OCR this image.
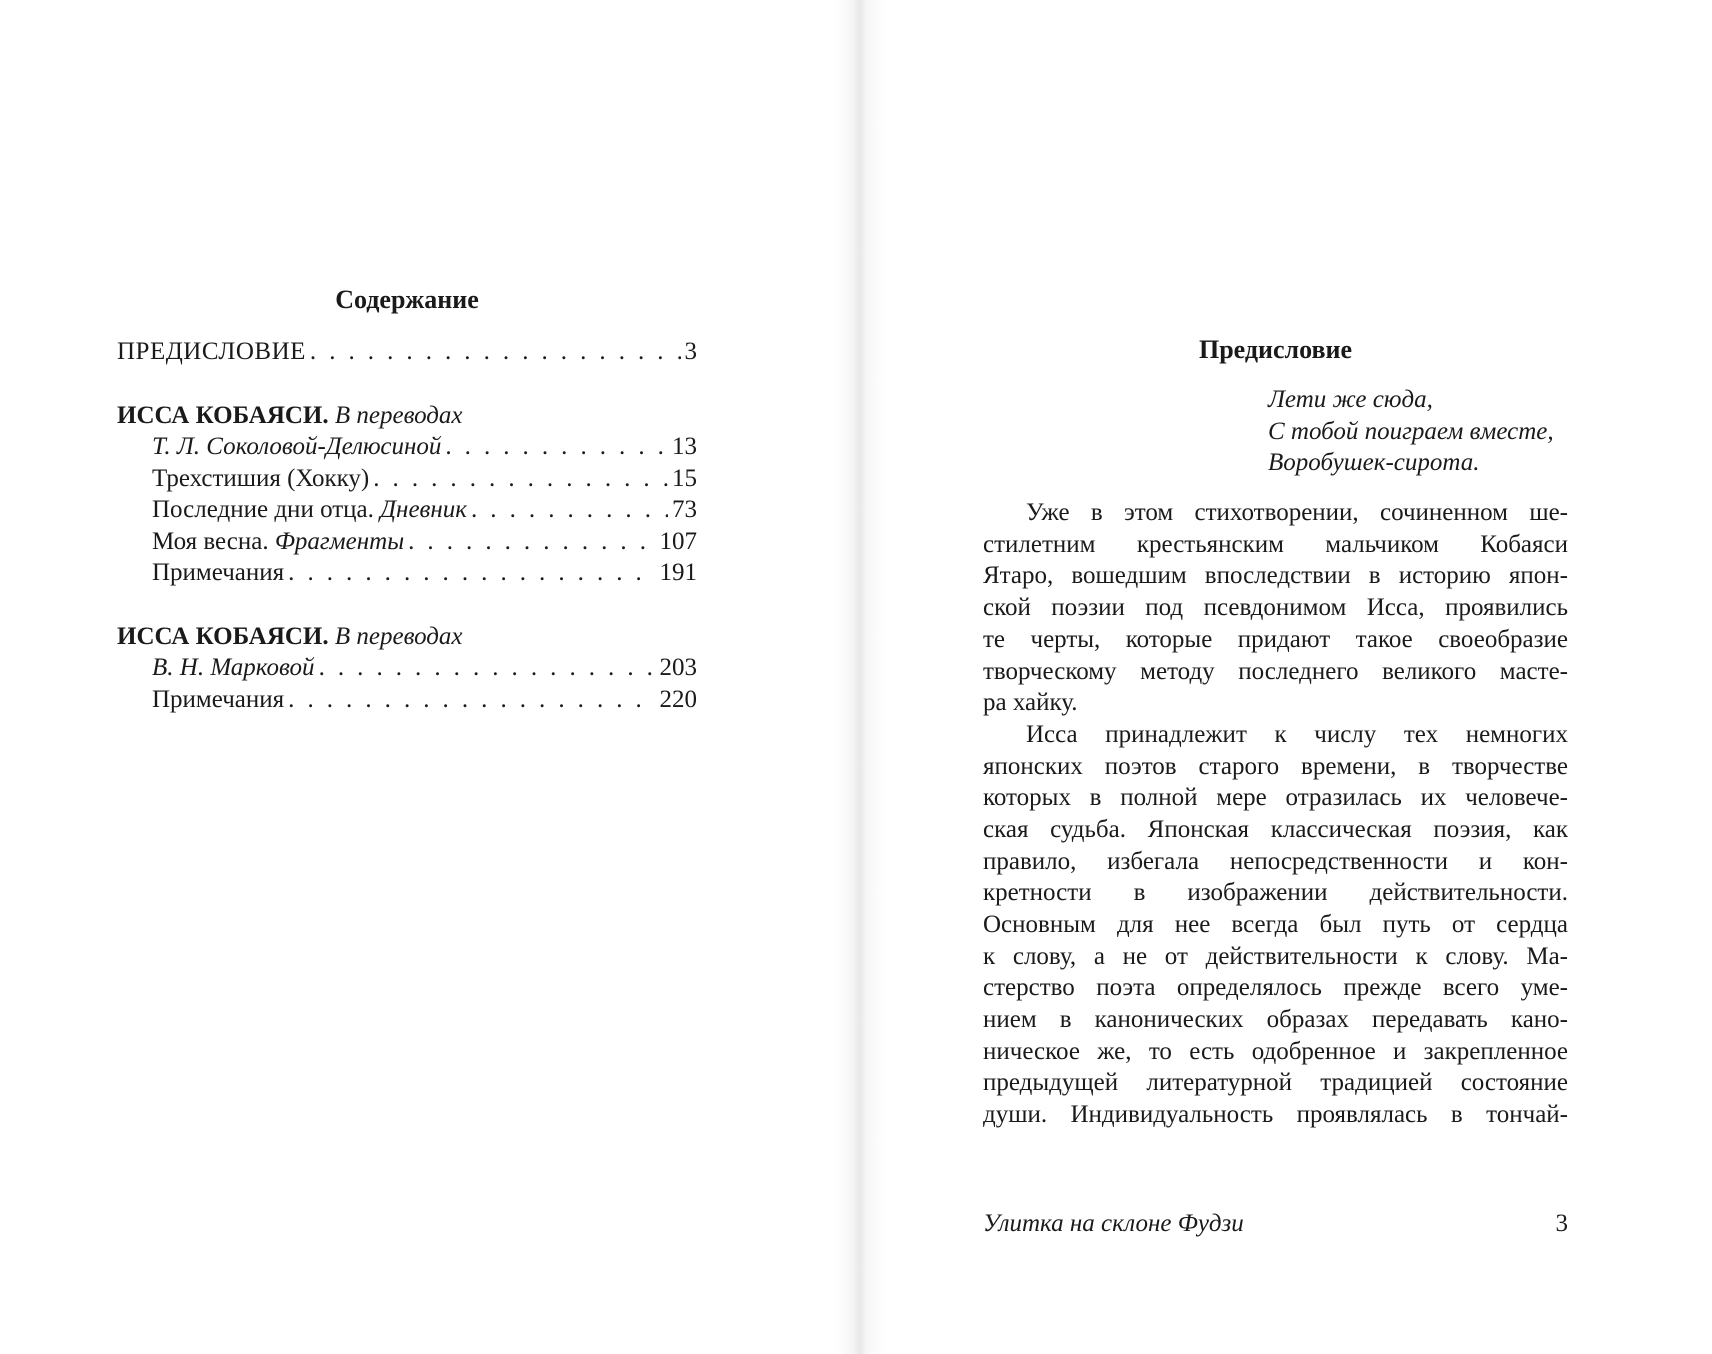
Содержание
ПРЕДИСЛОВИЕ . . .	3
ИССА КОБАЯСИ. В переводах
Т. Л. Соколовой-Делюсиной . . .	13
Трехстишия (Хокку) . . .	15
Последние дни отца. Дневник . . .	73
Моя весна. Фрагменты . . .	107
Примечания . . .	191
ИССА КОБАЯСИ. В переводах
В. Н. Марковой . . .	203
Примечания . . .	220
Предисловие
Лети же сюда,
С тобой поиграем вместе,
Воробушек-сирота.
Уже в этом стихотворении, сочиненном ше-
стилетним крестьянским мальчиком Кобаяси
Ятаро, вошедшим впоследствии в историю япон-
ской поэзии под псевдонимом Исса, проявились
те черты, которые придают такое своеобразие
творческому методу последнего великого масте-
ра хайку.
Исса принадлежит к числу тех немногих
японских поэтов старого времени, в творчестве
которых в полной мере отразилась их человече-
ская судьба. Японская классическая поэзия, как
правило, избегала непосредственности и кон-
кретности в изображении действительности.
Основным для нее всегда был путь от сердца
к слову, а не от действительности к слову. Ма-
стерство поэта определялось прежде всего уме-
нием в канонических образах передавать кано-
ническое же, то есть одобренное и закрепленное
предыдущей литературной традицией состояние
души. Индивидуальность проявлялась в тончай-
Улитка на склоне Фудзи	3
